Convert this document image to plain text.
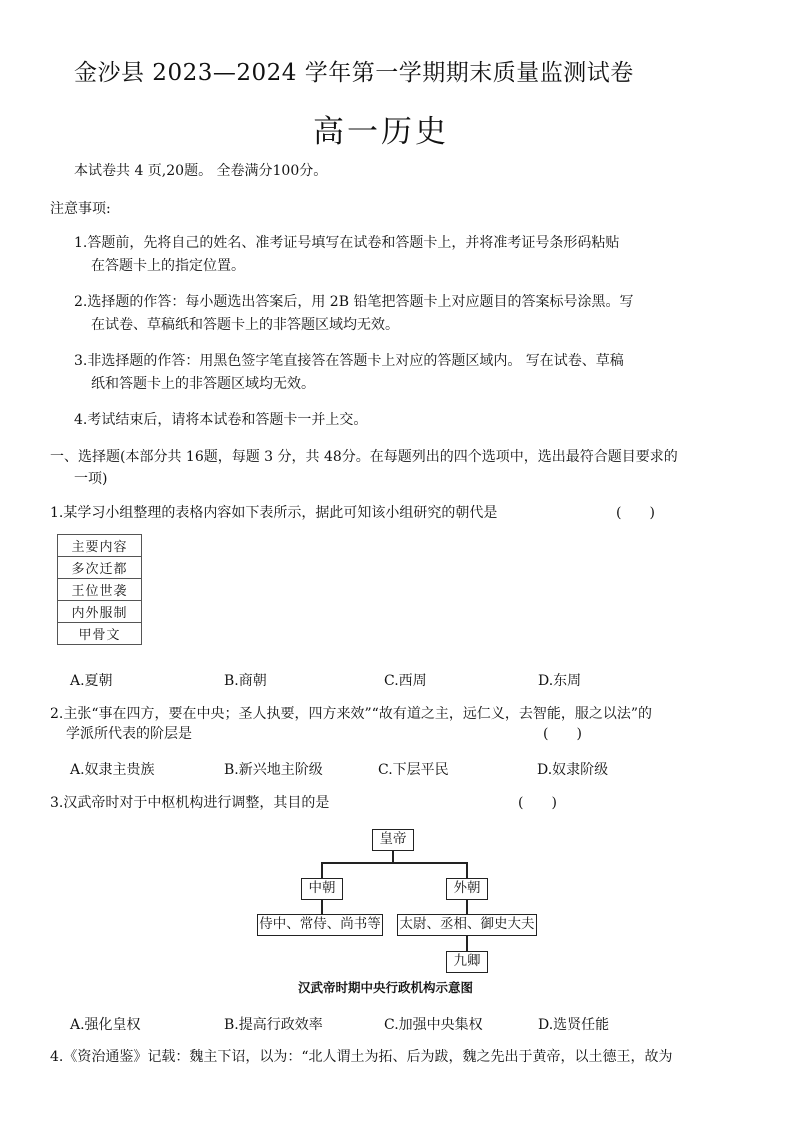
金沙县 2023—2024 学年第一学期期末质量监测试卷
高一历史
本试卷共 4 页,20题。 全卷满分100分。
注意事项:
1.答题前，先将自己的姓名、准考证号填写在试卷和答题卡上，并将准考证号条形码粘贴
在答题卡上的指定位置。
2.选择题的作答：每小题选出答案后，用 2B 铅笔把答题卡上对应题目的答案标号涂黑。写
在试卷、草稿纸和答题卡上的非答题区域均无效。
3.非选择题的作答：用黑色签字笔直接答在答题卡上对应的答题区域内。 写在试卷、草稿
纸和答题卡上的非答题区域均无效。
4.考试结束后，请将本试卷和答题卡一并上交。
一、选择题(本部分共 16题，每题 3 分，共 48分。在每题列出的四个选项中，选出最符合题目要求的
一项)
1.某学习小组整理的表格内容如下表所示，据此可知该小组研究的朝代是	(　　)
主要内容
多次迁都
王位世袭
内外服制
甲骨文
A.夏朝	B.商朝	C.西周	D.东周
2.主张“事在四方，要在中央；圣人执要，四方来效”“故有道之主，远仁义，去智能，服之以法”的
学派所代表的阶层是	(　　)
A.奴隶主贵族	B.新兴地主阶级	C.下层平民	D.奴隶阶级
3.汉武帝时对于中枢机构进行调整，其目的是	(　　)
皇帝
中朝	外朝
侍中、常侍、尚书等 太尉、丞相、御史大夫
九卿
汉武帝时期中央行政机构示意图
A.强化皇权	B.提高行政效率	C.加强中央集权	D.选贤任能
4.《资治通鉴》记载：魏主下诏，以为：“北人谓土为拓、后为跋，魏之先出于黄帝，以土德王，故为
